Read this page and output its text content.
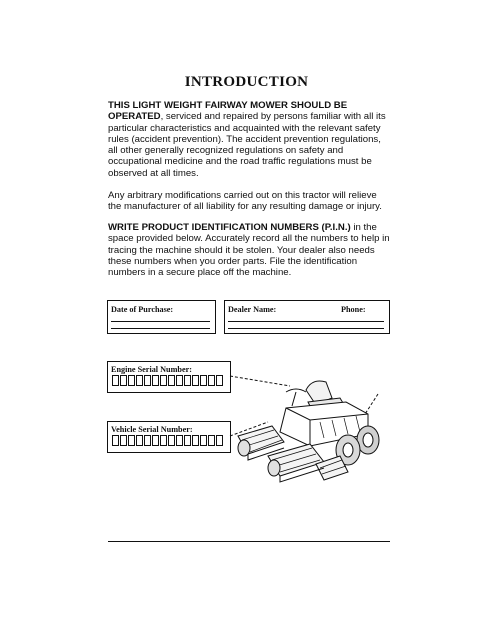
INTRODUCTION
THIS LIGHT WEIGHT FAIRWAY MOWER SHOULD BE OPERATED, serviced and repaired by persons familiar with all its particular characteristics and acquainted with the relevant safety rules (accident prevention). The accident prevention regulations, all other generally recognized regulations on safety and occupational medicine and the road traffic regulations must be observed at all times.
Any arbitrary modifications carried out on this tractor will relieve the manufacturer of all liability for any resulting damage or injury.
WRITE PRODUCT IDENTIFICATION NUMBERS (P.I.N.) in the space provided below. Accurately record all the numbers to help in tracing the machine should it be stolen. Your dealer also needs these numbers when you order parts. File the identification numbers in a secure place off the machine.
Date of Purchase:	Dealer Name:	Phone:
Engine Serial Number:
Vehicle Serial Number:
